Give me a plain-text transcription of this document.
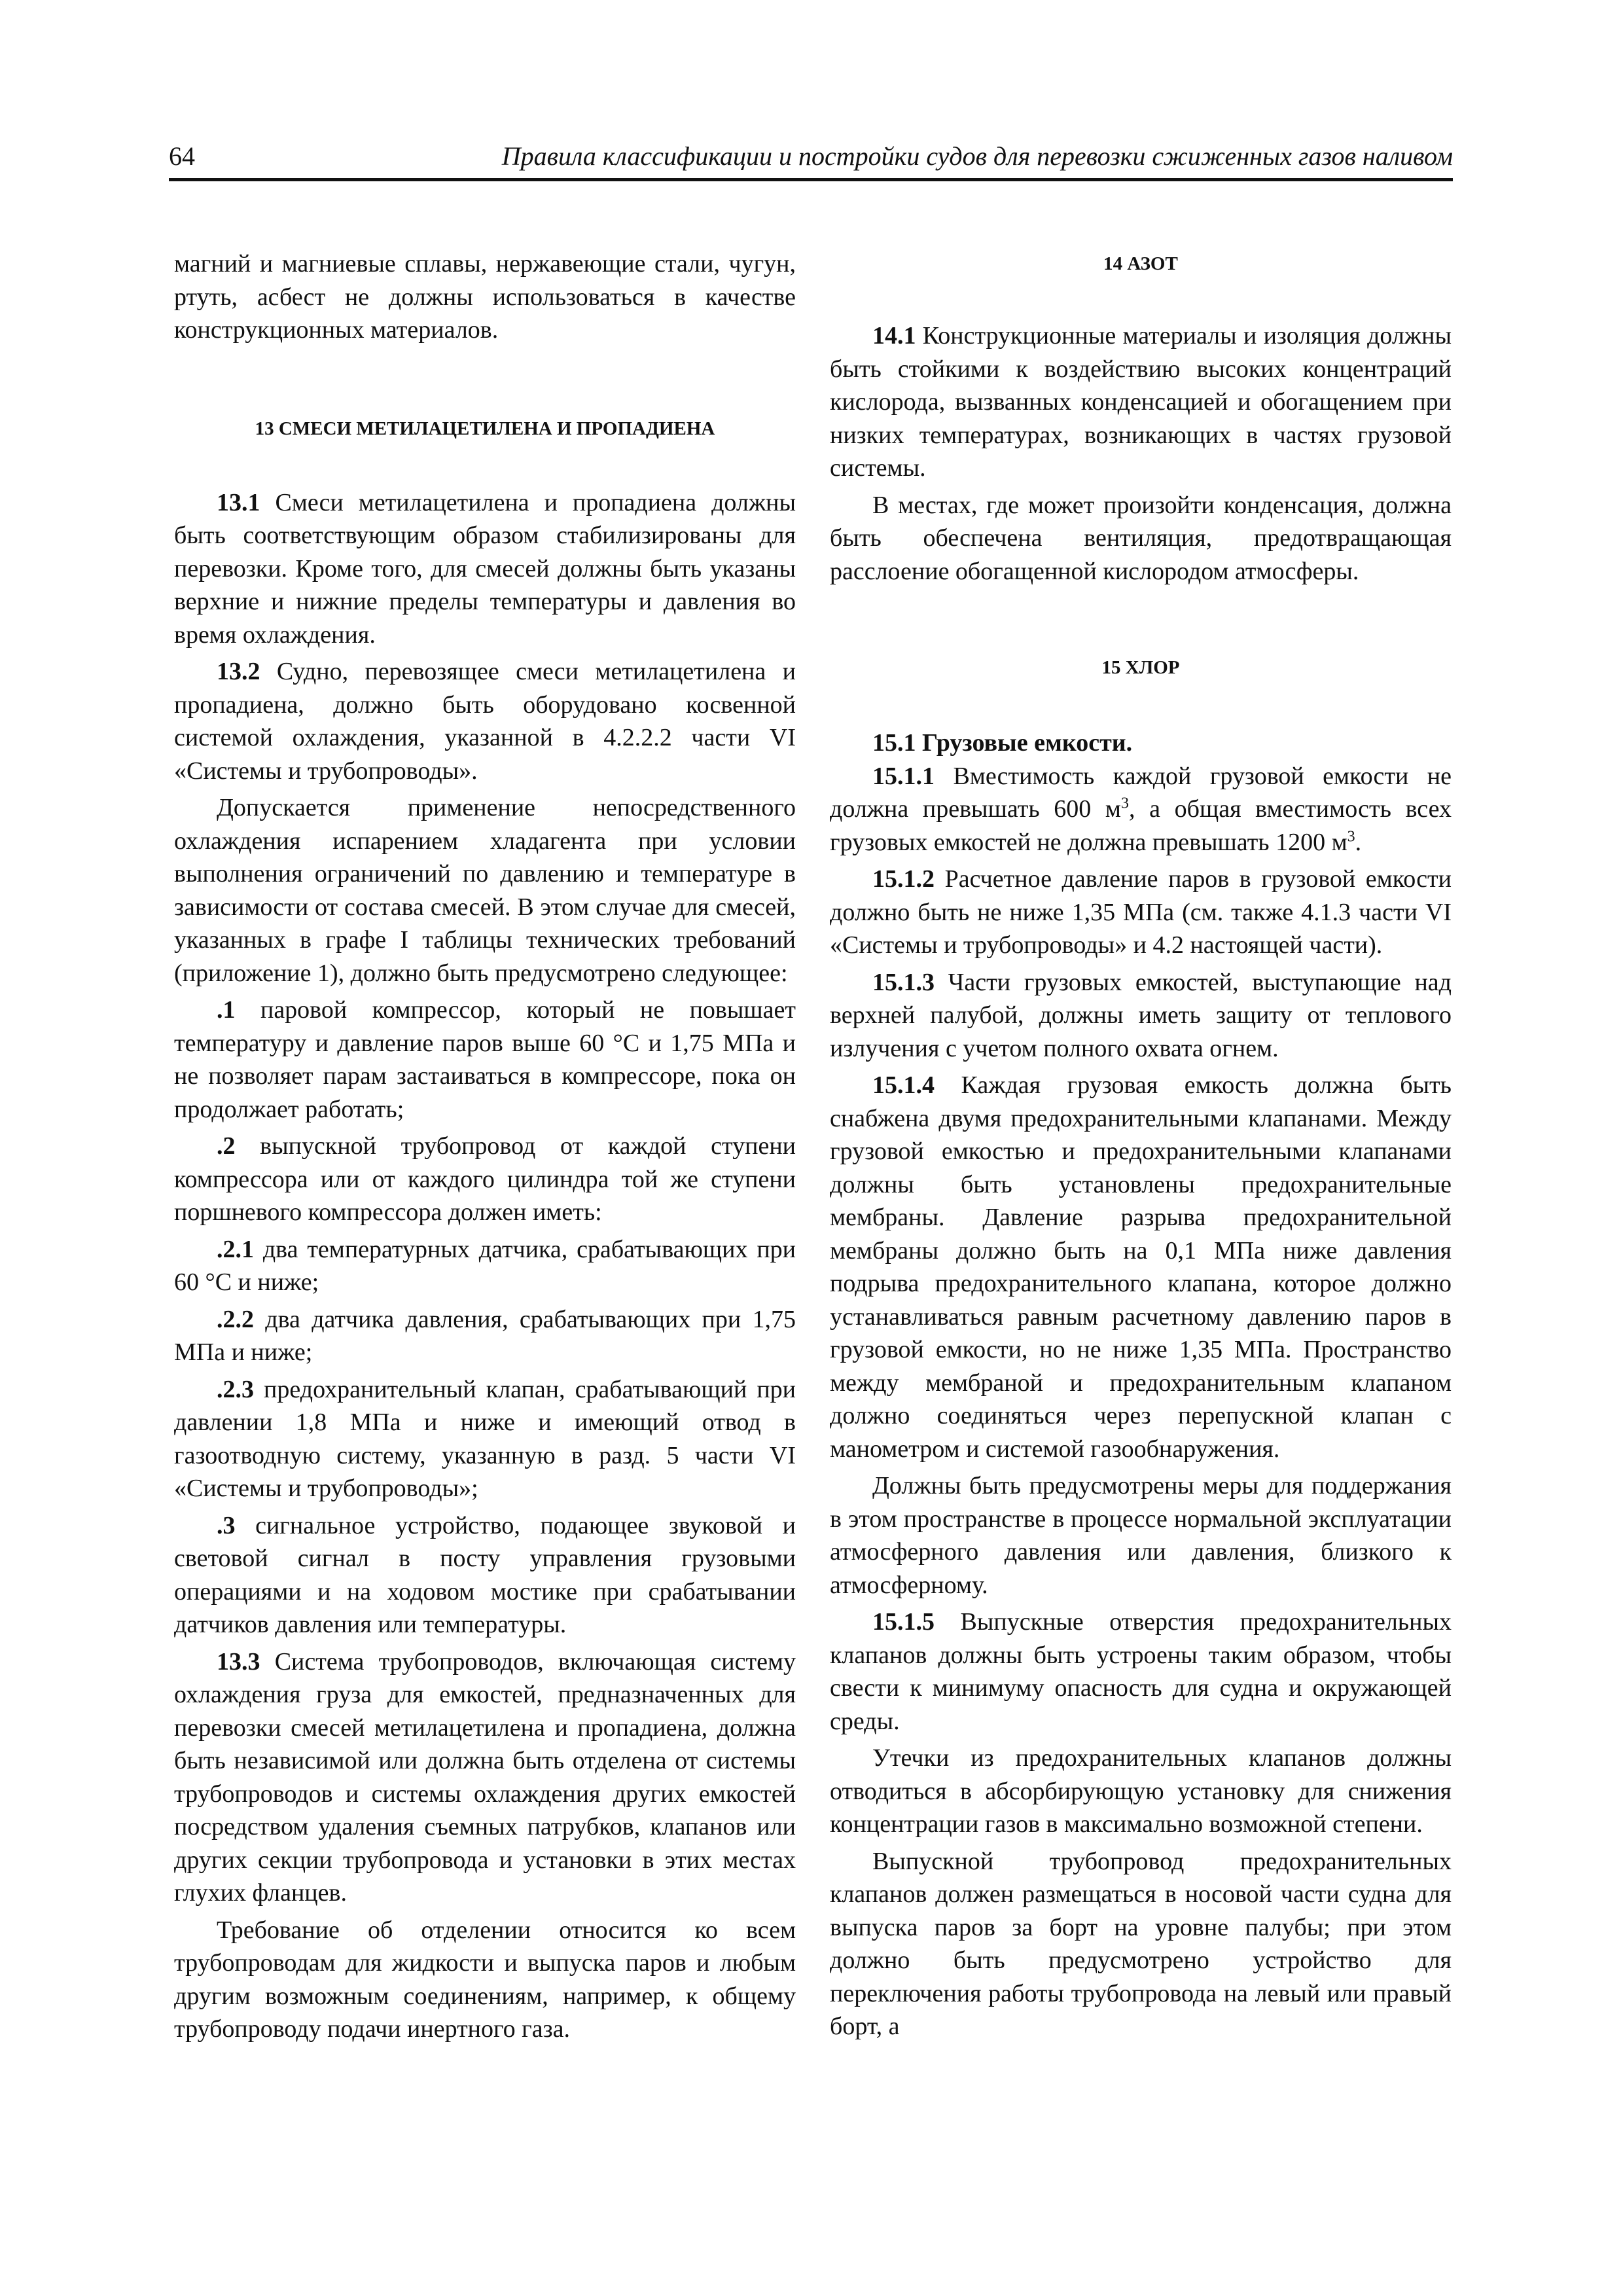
64	Правила классификации и постройки судов для перевозки сжиженных газов наливом

магний и магниевые сплавы, нержавеющие стали, чугун, ртуть, асбест не должны использоваться в качестве конструкционных материалов.

13 СМЕСИ МЕТИЛАЦЕТИЛЕНА И ПРОПАДИЕНА

13.1 Смеси метилацетилена и пропадиена должны быть соответствующим образом стабилизированы для перевозки. Кроме того, для смесей должны быть указаны верхние и нижние пределы температуры и давления во время охлаждения.

13.2 Судно, перевозящее смеси метилацетилена и пропадиена, должно быть оборудовано косвенной системой охлаждения, указанной в 4.2.2.2 части VI «Системы и трубопроводы».

Допускается применение непосредственного охлаждения испарением хладагента при условии выполнения ограничений по давлению и температуре в зависимости от состава смесей. В этом случае для смесей, указанных в графе I таблицы технических требований (приложение 1), должно быть предусмотрено следующее:

.1 паровой компрессор, который не повышает температуру и давление паров выше 60 °С и 1,75 МПа и не позволяет парам застаиваться в компрессоре, пока он продолжает работать;

.2 выпускной трубопровод от каждой ступени компрессора или от каждого цилиндра той же ступени поршневого компрессора должен иметь:

.2.1 два температурных датчика, срабатывающих при 60 °С и ниже;

.2.2 два датчика давления, срабатывающих при 1,75 МПа и ниже;

.2.3 предохранительный клапан, срабатывающий при давлении 1,8 МПа и ниже и имеющий отвод в газоотводную систему, указанную в разд. 5 части VI «Системы и трубопроводы»;

.3 сигнальное устройство, подающее звуковой и световой сигнал в посту управления грузовыми операциями и на ходовом мостике при срабатывании датчиков давления или температуры.

13.3 Система трубопроводов, включающая систему охлаждения груза для емкостей, предназначенных для перевозки смесей метилацетилена и пропадиена, должна быть независимой или должна быть отделена от системы трубопроводов и системы охлаждения других емкостей посредством удаления съемных патрубков, клапанов или других секции трубопровода и установки в этих местах глухих фланцев.

Требование об отделении относится ко всем трубопроводам для жидкости и выпуска паров и любым другим возможным соединениям, например, к общему трубопроводу подачи инертного газа.

14 АЗОТ

14.1 Конструкционные материалы и изоляция должны быть стойкими к воздействию высоких концентраций кислорода, вызванных конденсацией и обогащением при низких температурах, возникающих в частях грузовой системы.

В местах, где может произойти конденсация, должна быть обеспечена вентиляция, предотвращающая расслоение обогащенной кислородом атмосферы.

15 ХЛОР

15.1 Грузовые емкости.

15.1.1 Вместимость каждой грузовой емкости не должна превышать 600 $м^3$, а общая вместимость всех грузовых емкостей не должна превышать 1200 $м^3$.

15.1.2 Расчетное давление паров в грузовой емкости должно быть не ниже 1,35 МПа (см. также 4.1.3 части VI «Системы и трубопроводы» и 4.2 настоящей части).

15.1.3 Части грузовых емкостей, выступающие над верхней палубой, должны иметь защиту от теплового излучения с учетом полного охвата огнем.

15.1.4 Каждая грузовая емкость должна быть снабжена двумя предохранительными клапанами. Между грузовой емкостью и предохранительными клапанами должны быть установлены предохранительные мембраны. Давление разрыва предохранительной мембраны должно быть на 0,1 МПа ниже давления подрыва предохранительного клапана, которое должно устанавливаться равным расчетному давлению паров в грузовой емкости, но не ниже 1,35 МПа. Пространство между мембраной и предохранительным клапаном должно соединяться через перепускной клапан с манометром и системой газообнаружения.

Должны быть предусмотрены меры для поддержания в этом пространстве в процессе нормальной эксплуатации атмосферного давления или давления, близкого к атмосферному.

15.1.5 Выпускные отверстия предохранительных клапанов должны быть устроены таким образом, чтобы свести к минимуму опасность для судна и окружающей среды.

Утечки из предохранительных клапанов должны отводиться в абсорбирующую установку для снижения концентрации газов в максимально возможной степени.

Выпускной трубопровод предохранительных клапанов должен размещаться в носовой части судна для выпуска паров за борт на уровне палубы; при этом должно быть предусмотрено устройство для переключения работы трубопровода на левый или правый борт, а
